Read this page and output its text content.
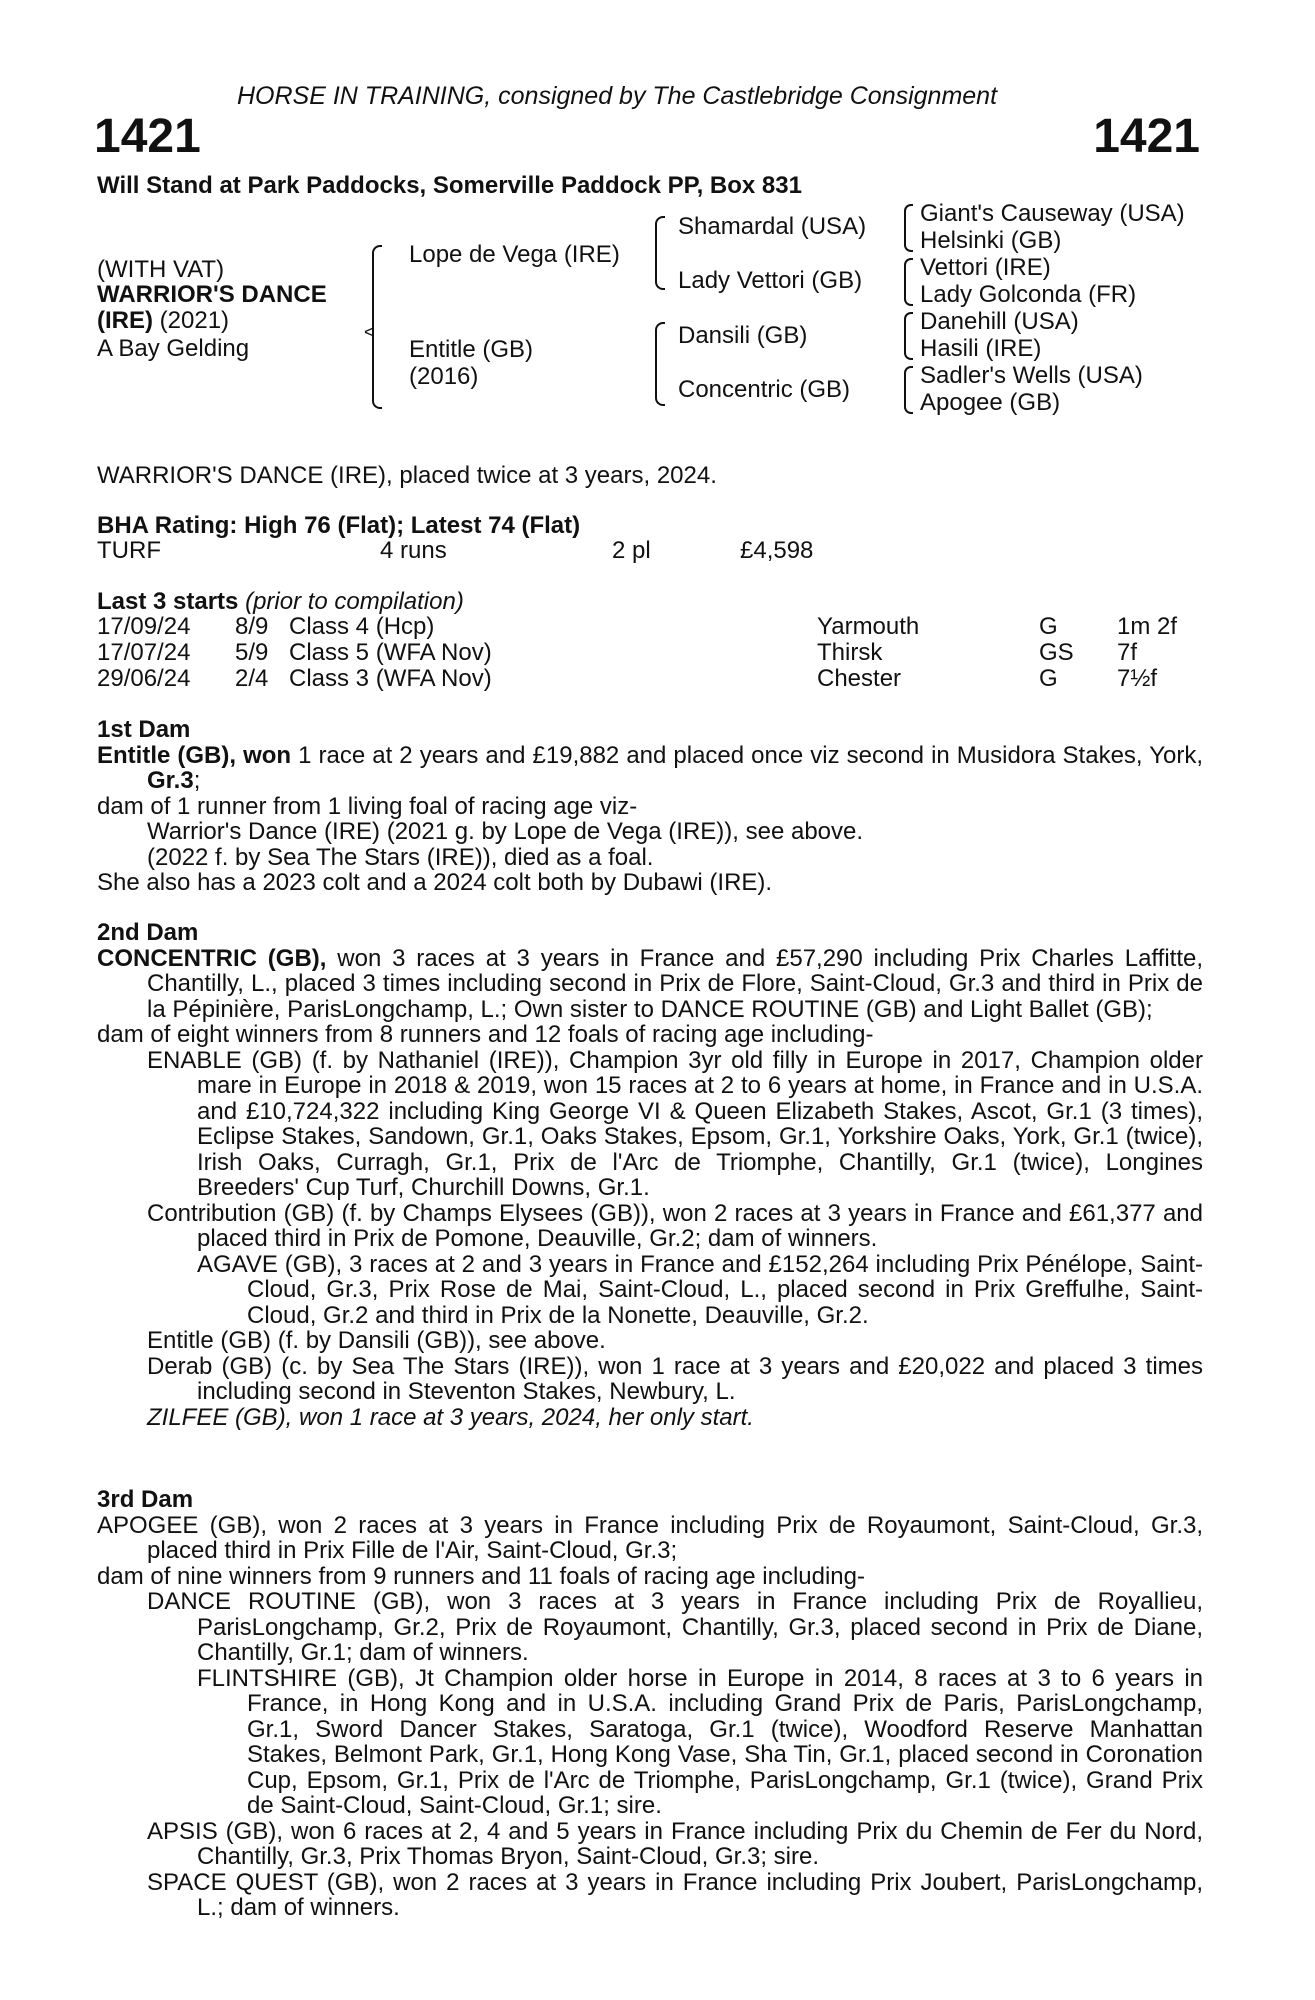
HORSE IN TRAINING, consigned by The Castlebridge Consignment
1421	1421
Will Stand at Park Paddocks, Somerville Paddock PP, Box 831
(WITH VAT)
WARRIOR'S DANCE
(IRE) (2021)
A Bay Gelding
<
Lope de Vega (IRE)
Entitle (GB)
(2016)
Shamardal (USA)
Lady Vettori (GB)
Dansili (GB)
Concentric (GB)
Giant's Causeway (USA)
Helsinki (GB)
Vettori (IRE)
Lady Golconda (FR)
Danehill (USA)
Hasili (IRE)
Sadler's Wells (USA)
Apogee (GB)
WARRIOR'S DANCE (IRE), placed twice at 3 years, 2024.
BHA Rating: High 76 (Flat); Latest 74 (Flat)
TURF	4 runs	2 pl	£4,598
Last 3 starts (prior to compilation)
17/09/24 8/9 Class 4 (Hcp)	Yarmouth	G 1m 2f
17/07/24 5/9 Class 5 (WFA Nov)	Thirsk	GS 7f
29/06/24 2/4 Class 3 (WFA Nov)	Chester	G 7½f

1st Dam

Entitle (GB), won 1 race at 2 years and £19,882 and placed once viz second in Musidora Stakes, York, Gr.3;

dam of 1 runner from 1 living foal of racing age viz-

Warrior's Dance (IRE) (2021 g. by Lope de Vega (IRE)), see above.

(2022 f. by Sea The Stars (IRE)), died as a foal.

She also has a 2023 colt and a 2024 colt both by Dubawi (IRE).

2nd Dam

CONCENTRIC (GB), won 3 races at 3 years in France and £57,290 including Prix Charles Laffitte, Chantilly, L., placed 3 times including second in Prix de Flore, Saint-Cloud, Gr.3 and third in Prix de la Pépinière, ParisLongchamp, L.; Own sister to DANCE ROUTINE (GB) and Light Ballet (GB);

dam of eight winners from 8 runners and 12 foals of racing age including-

ENABLE (GB) (f. by Nathaniel (IRE)), Champion 3yr old filly in Europe in 2017, Champion older mare in Europe in 2018 & 2019, won 15 races at 2 to 6 years at home, in France and in U.S.A. and £10,724,322 including King George VI & Queen Elizabeth Stakes, Ascot, Gr.1 (3 times), Eclipse Stakes, Sandown, Gr.1, Oaks Stakes, Epsom, Gr.1, Yorkshire Oaks, York, Gr.1 (twice), Irish Oaks, Curragh, Gr.1, Prix de l'Arc de Triomphe, Chantilly, Gr.1 (twice), Longines Breeders' Cup Turf, Churchill Downs, Gr.1.

Contribution (GB) (f. by Champs Elysees (GB)), won 2 races at 3 years in France and £61,377 and placed third in Prix de Pomone, Deauville, Gr.2; dam of winners.

AGAVE (GB), 3 races at 2 and 3 years in France and £152,264 including Prix Pénélope, Saint-Cloud, Gr.3, Prix Rose de Mai, Saint-Cloud, L., placed second in Prix Greffulhe, Saint-Cloud, Gr.2 and third in Prix de la Nonette, Deauville, Gr.2.

Entitle (GB) (f. by Dansili (GB)), see above.

Derab (GB) (c. by Sea The Stars (IRE)), won 1 race at 3 years and £20,022 and placed 3 times including second in Steventon Stakes, Newbury, L.

ZILFEE (GB), won 1 race at 3 years, 2024, her only start.

3rd Dam

APOGEE (GB), won 2 races at 3 years in France including Prix de Royaumont, Saint-Cloud, Gr.3, placed third in Prix Fille de l'Air, Saint-Cloud, Gr.3;

dam of nine winners from 9 runners and 11 foals of racing age including-

DANCE ROUTINE (GB), won 3 races at 3 years in France including Prix de Royallieu, ParisLongchamp, Gr.2, Prix de Royaumont, Chantilly, Gr.3, placed second in Prix de Diane, Chantilly, Gr.1; dam of winners.

FLINTSHIRE (GB), Jt Champion older horse in Europe in 2014, 8 races at 3 to 6 years in France, in Hong Kong and in U.S.A. including Grand Prix de Paris, ParisLongchamp, Gr.1, Sword Dancer Stakes, Saratoga, Gr.1 (twice), Woodford Reserve Manhattan Stakes, Belmont Park, Gr.1, Hong Kong Vase, Sha Tin, Gr.1, placed second in Coronation Cup, Epsom, Gr.1, Prix de l'Arc de Triomphe, ParisLongchamp, Gr.1 (twice), Grand Prix de Saint-Cloud, Saint-Cloud, Gr.1; sire.

APSIS (GB), won 6 races at 2, 4 and 5 years in France including Prix du Chemin de Fer du Nord, Chantilly, Gr.3, Prix Thomas Bryon, Saint-Cloud, Gr.3; sire.

SPACE QUEST (GB), won 2 races at 3 years in France including Prix Joubert, ParisLongchamp, L.; dam of winners.
